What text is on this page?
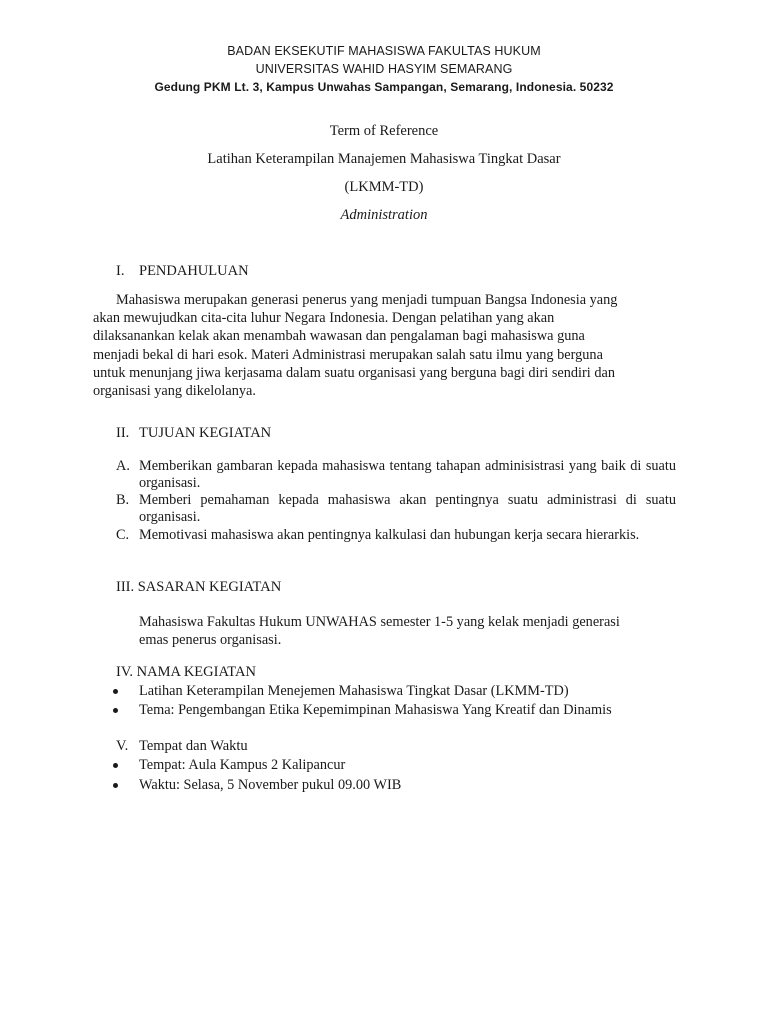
BADAN EKSEKUTIF MAHASISWA FAKULTAS HUKUM
UNIVERSITAS WAHID HASYIM SEMARANG
Gedung PKM Lt. 3, Kampus Unwahas Sampangan, Semarang, Indonesia. 50232
Term of Reference
Latihan Keterampilan Manajemen Mahasiswa Tingkat Dasar
(LKMM-TD)
Administration
I. PENDAHULUAN
Mahasiswa merupakan generasi penerus yang menjadi tumpuan Bangsa Indonesia yang
akan mewujudkan cita-cita luhur Negara Indonesia. Dengan pelatihan yang akan
dilaksanankan kelak akan menambah wawasan dan pengalaman bagi mahasiswa guna
menjadi bekal di hari esok. Materi Administrasi merupakan salah satu ilmu yang berguna
untuk menunjang jiwa kerjasama dalam suatu organisasi yang berguna bagi diri sendiri dan
organisasi yang dikelolanya.
II. TUJUAN KEGIATAN
A. Memberikan gambaran kepada mahasiswa tentang tahapan adminisistrasi yang baik di suatu organisasi.
B. Memberi pemahaman kepada mahasiswa akan pentingnya suatu administrasi di suatu organisasi.
C. Memotivasi mahasiswa akan pentingnya kalkulasi dan hubungan kerja secara hierarkis.
III. SASARAN KEGIATAN
Mahasiswa Fakultas Hukum UNWAHAS semester 1-5 yang kelak menjadi generasi
emas penerus organisasi.
IV. NAMA KEGIATAN
Latihan Keterampilan Menejemen Mahasiswa Tingkat Dasar (LKMM-TD)
Tema: Pengembangan Etika Kepemimpinan Mahasiswa Yang Kreatif dan Dinamis
V. Tempat dan Waktu
Tempat: Aula Kampus 2 Kalipancur
Waktu: Selasa, 5 November pukul 09.00 WIB
